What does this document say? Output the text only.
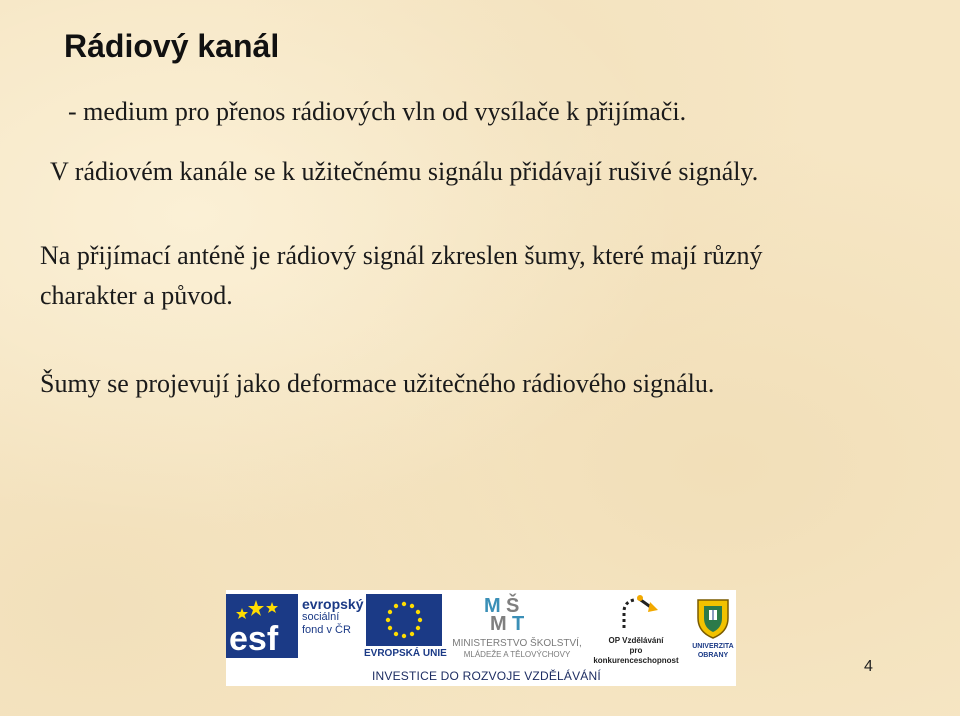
Rádiový kanál

- medium pro přenos rádiových vln od vysílače k přijímači.

V rádiovém kanále se k užitečnému signálu přidávají rušivé signály.

Na přijímací anténě je rádiový signál zkreslen šumy, které mají různý

charakter a původ.

Šumy se projevují jako deformace užitečného rádiového signálu.

esf
evropský
sociální
fond v ČR
EVROPSKÁ UNIE
M Š
M T
MINISTERSTVO ŠKOLSTVÍ,
MLÁDEŽE A TĚLOVÝCHOVY
OP Vzdělávání
pro konkurenceschopnost
UNIVERZITA
OBRANY
INVESTICE DO ROZVOJE VZDĚLÁVÁNÍ
4
